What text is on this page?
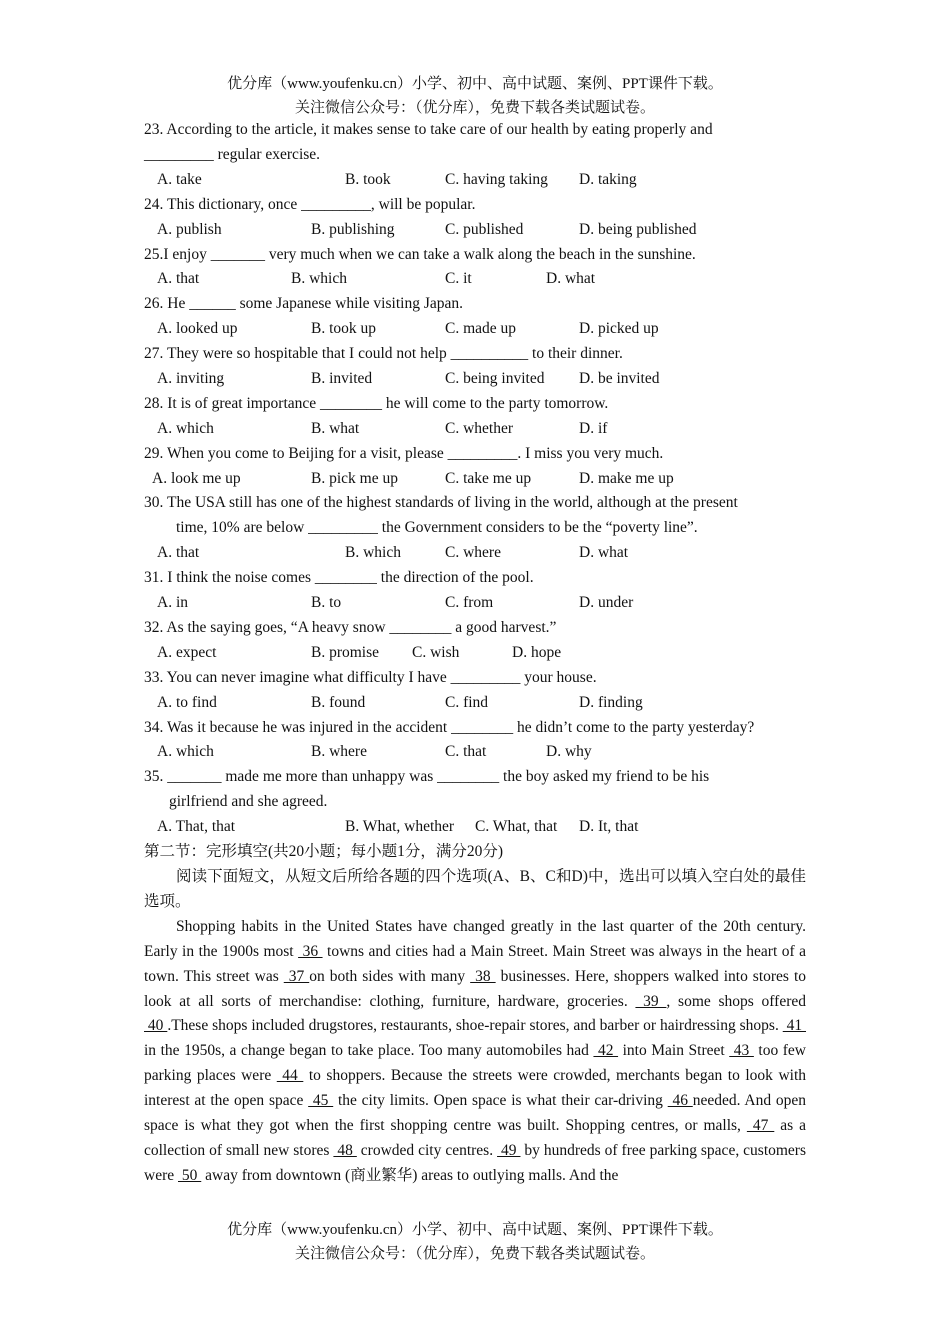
优分库（www.youfenku.cn）小学、初中、高中试题、案例、PPT课件下载。
关注微信公众号：（优分库），免费下载各类试题试卷。
23. According to the article, it makes sense to take care of our health by eating properly and
_________ regular exercise.
A. take	B. took	C. having taking D. taking
24. This dictionary, once _________, will be popular.
A. publish	B. publishing	C. published	D. being published
25.I enjoy _______ very much when we can take a walk along the beach in the sunshine.
A. that	B. which	C. it	D. what
26. He ______ some Japanese while visiting Japan.
A. looked up	B. took up	C. made up	D. picked up
27. They were so hospitable that I could not help __________ to their dinner.
A. inviting	B. invited	C. being invited D. be invited
28. It is of great importance ________ he will come to the party tomorrow.
A. which	B. what	C. whether	D. if
29. When you come to Beijing for a visit, please _________. I miss you very much.
A. look me up	B. pick me up	C. take me up	D. make me up
30. The USA still has one of the highest standards of living in the world, although at the present
time, 10% are below _________ the Government considers to be the “poverty line”.
A. that	B. which	C. where	D. what
31. I think the noise comes ________ the direction of the pool.
A. in	B. to	C. from	D. under
32. As the saying goes, “A heavy snow ________ a good harvest.”
A. expect	B. promise C. wish	D. hope
33. You can never imagine what difficulty I have _________ your house.
A. to find	B. found	C. find	D. finding
34. Was it because he was injured in the accident ________ he didn’t come to the party yesterday?
A. which	B. where	C. that	D. why
35. _______ made me more than unhappy was ________ the boy asked my friend to be his
girlfriend and she agreed.
A. That, that	B. What, whether C. What, that D. It, that
第二节：完形填空(共20小题；每小题1分，满分20分)
阅读下面短文，从短文后所给各题的四个选项(A、B、C和D)中，选出可以填入空白处的最佳选项。
Shopping habits in the United States have changed greatly in the last quarter of the 20th century. Early in the 1900s most  36  towns and cities had a Main Street. Main Street was always in the heart of a town. This street was  37 on both sides with many  38  businesses. Here, shoppers walked into stores to look at all sorts of merchandise: clothing, furniture, hardware, groceries.  39 , some shops offered  40 .These shops included drugstores, restaurants, shoe-repair stores, and barber or hairdressing shops.  41  in the 1950s, a change began to take place. Too many automobiles had  42  into Main Street  43  too few parking places were  44  to shoppers. Because the streets were crowded, merchants began to look with interest at the open space  45  the city limits. Open space is what their car-driving  46 needed. And open space is what they got when the first shopping centre was built. Shopping centres, or malls,  47  as a collection of small new stores  48  crowded city centres.  49  by hundreds of free parking space, customers were  50  away from downtown (商业繁华) areas to outlying malls. And the
优分库（www.youfenku.cn）小学、初中、高中试题、案例、PPT课件下载。
关注微信公众号：（优分库），免费下载各类试题试卷。
